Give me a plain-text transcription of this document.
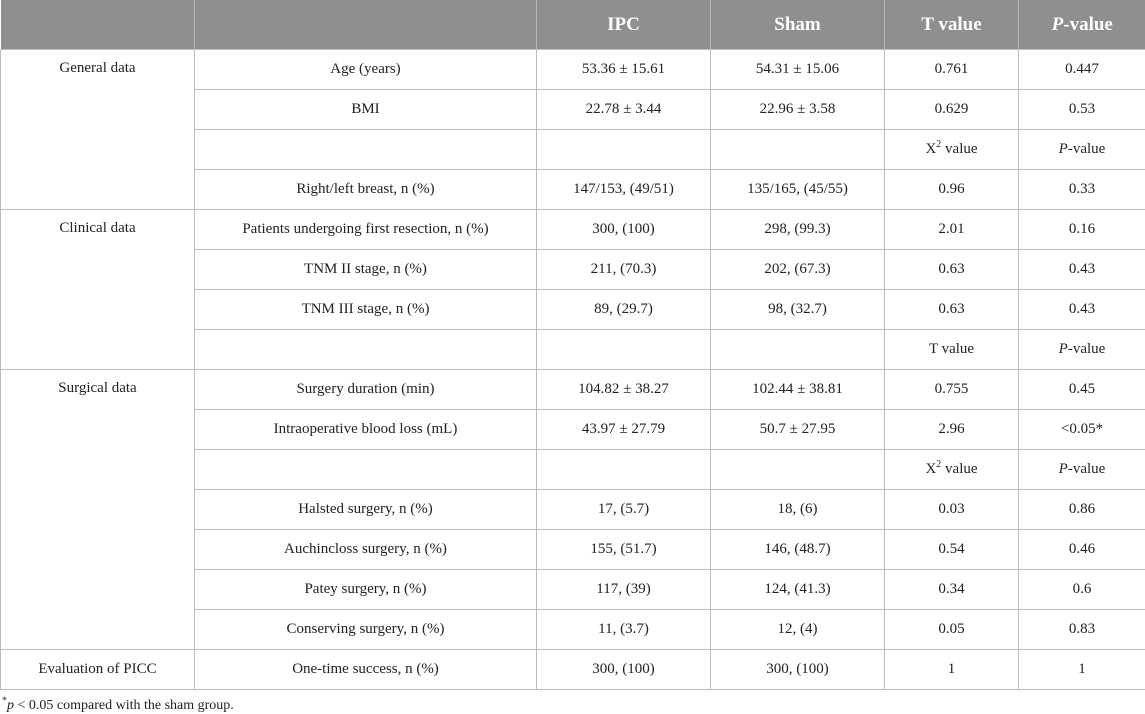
		IPC	Sham	T value	P-value
General data	Age (years)	53.36 ± 15.61	54.31 ± 15.06	0.761	0.447
	BMI	22.78 ± 3.44	22.96 ± 3.58	0.629	0.53
				$X^2$ value	P-value
	Right/left breast, n (%)	147/153, (49/51)	135/165, (45/55)	0.96	0.33
Clinical data	Patients undergoing first resection, n (%)	300, (100)	298, (99.3)	2.01	0.16
	TNM II stage, n (%)	211, (70.3)	202, (67.3)	0.63	0.43
	TNM III stage, n (%)	89, (29.7)	98, (32.7)	0.63	0.43
				T value	P-value
Surgical data	Surgery duration (min)	104.82 ± 38.27	102.44 ± 38.81	0.755	0.45
	Intraoperative blood loss (mL)	43.97 ± 27.79	50.7 ± 27.95	2.96	<0.05*
				$X^2$ value	P-value
	Halsted surgery, n (%)	17, (5.7)	18, (6)	0.03	0.86
	Auchincloss surgery, n (%)	155, (51.7)	146, (48.7)	0.54	0.46
	Patey surgery, n (%)	117, (39)	124, (41.3)	0.34	0.6
	Conserving surgery, n (%)	11, (3.7)	12, (4)	0.05	0.83
Evaluation of PICC	One-time success, n (%)	300, (100)	300, (100)	1	1
*p < 0.05 compared with the sham group.
